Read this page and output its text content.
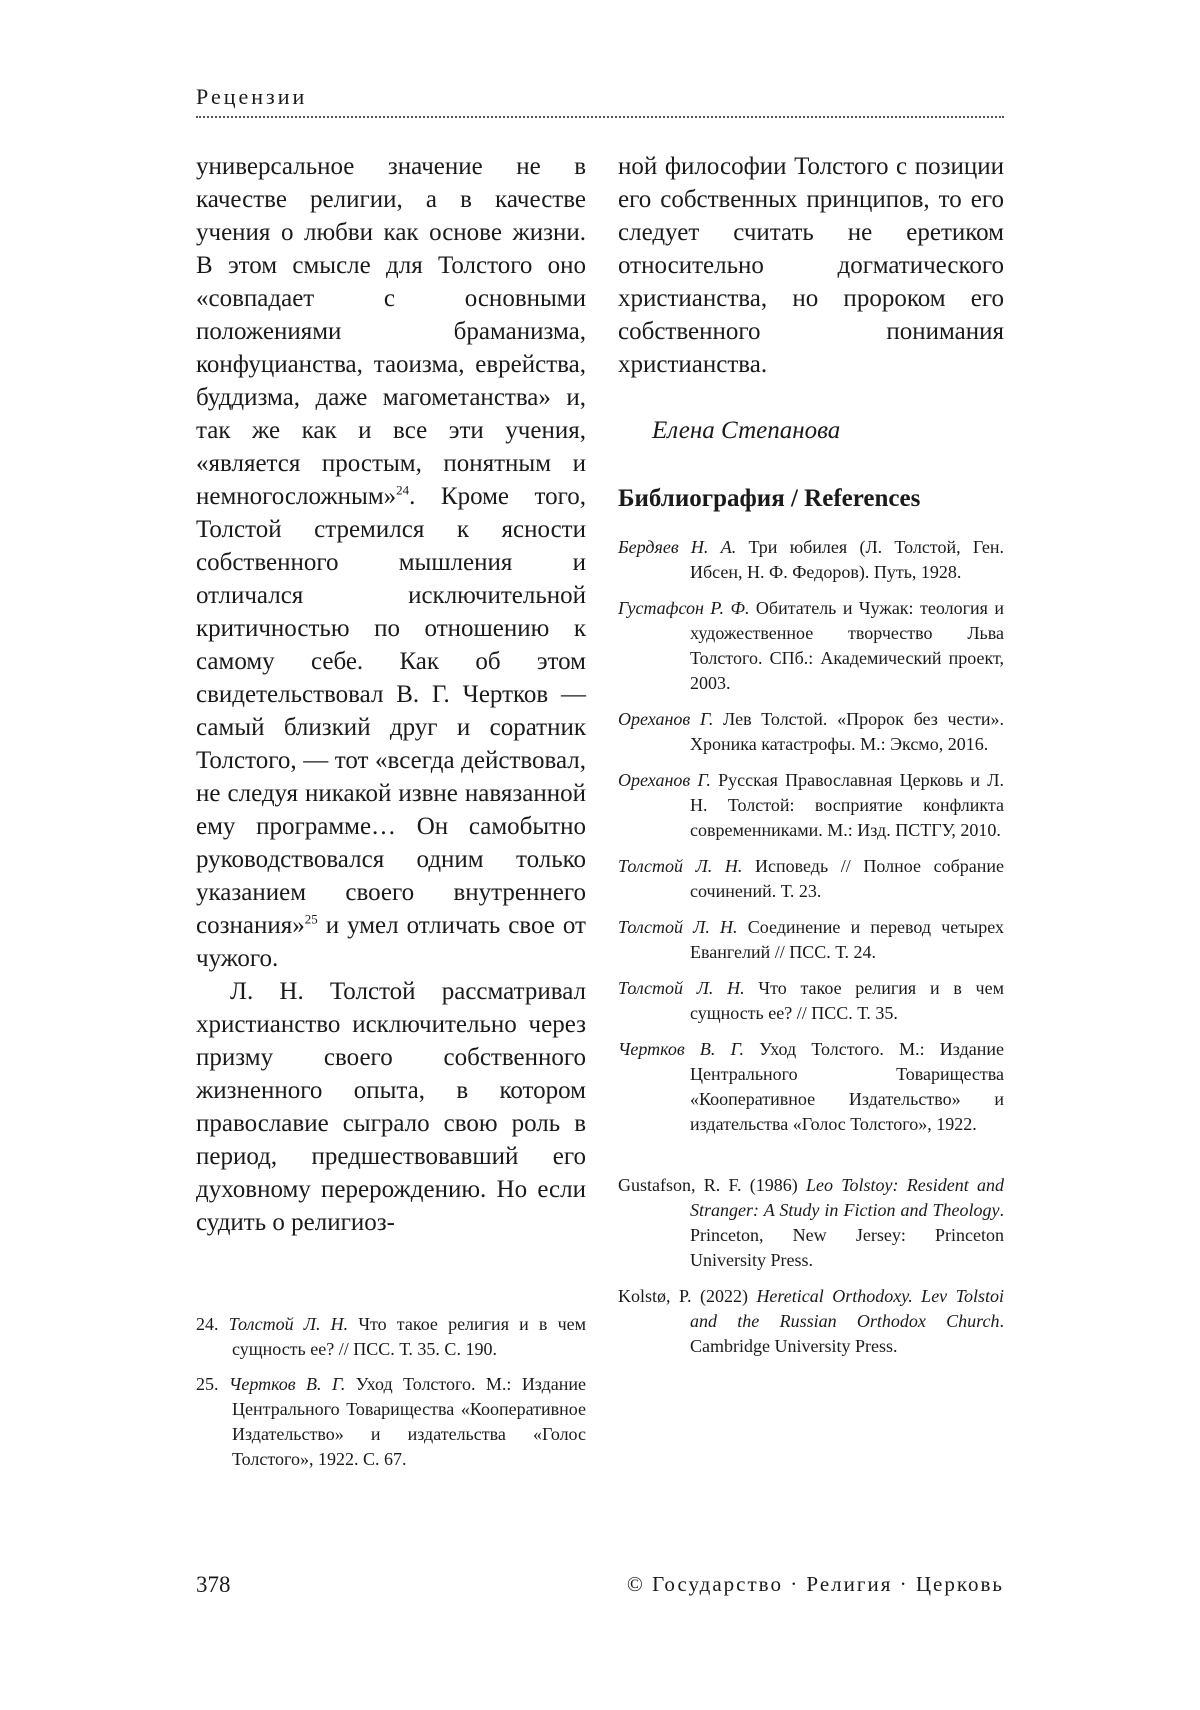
Рецензии

универсальное значение не в качестве религии, а в качестве учения о любви как основе жизни. В этом смысле для Толстого оно «совпадает с основными положениями браманизма, конфуцианства, таоизма, еврейства, буддизма, даже магометанства» и, так же как и все эти учения, «является простым, понятным и немногосложным»$^{24}$. Кроме того, Толстой стремился к ясности собственного мышления и отличался исключительной критичностью по отношению к самому себе. Как об этом свидетельствовал В. Г. Чертков — самый близкий друг и соратник Толстого, — тот «всегда действовал, не следуя никакой извне навязанной ему программе… Он самобытно руководствовался одним только указанием своего внутреннего сознания»$^{25}$ и умел отличать свое от чужого.

Л. Н. Толстой рассматривал христианство исключительно через призму своего собственного жизненного опыта, в котором православие сыграло свою роль в период, предшествовавший его духовному перерождению. Но если судить о религиоз-

ной философии Толстого с позиции его собственных принципов, то его следует считать не еретиком относительно догматического христианства, но пророком его собственного понимания христианства.

Елена Степанова
Библиография / References
Бердяев Н. А. Три юбилея (Л. Толстой, Ген. Ибсен, Н. Ф. Федоров). Путь, 1928.
Густафсон Р. Ф. Обитатель и Чужак: теология и художественное творчество Льва Толстого. СПб.: Академический проект, 2003.
Ореханов Г. Лев Толстой. «Пророк без чести». Хроника катастрофы. М.: Эксмо, 2016.
Ореханов Г. Русская Православная Церковь и Л. Н. Толстой: восприятие конфликта современниками. М.: Изд. ПСТГУ, 2010.
Толстой Л. Н. Исповедь // Полное собрание сочинений. Т. 23.
Толстой Л. Н. Соединение и перевод четырех Евангелий // ПСС. Т. 24.
Толстой Л. Н. Что такое религия и в чем сущность ее? // ПСС. Т. 35.
Чертков В. Г. Уход Толстого. М.: Издание Центрального Товарищества «Кооперативное Издательство» и издательства «Голос Толстого», 1922.
Gustafson, R. F. (1986) Leo Tolstoy: Resident and Stranger: A Study in Fiction and Theology. Princeton, New Jersey: Princeton University Press.
Kolstø, P. (2022) Heretical Orthodoxy. Lev Tolstoi and the Russian Orthodox Church. Cambridge University Press.
24. Толстой Л. Н. Что такое религия и в чем сущность ее? // ПСС. Т. 35. С. 190.
25. Чертков В. Г. Уход Толстого. М.: Издание Центрального Товарищества «Кооперативное Издательство» и издательства «Голос Толстого», 1922. С. 67.
378	© Государство · Религия · Церковь
